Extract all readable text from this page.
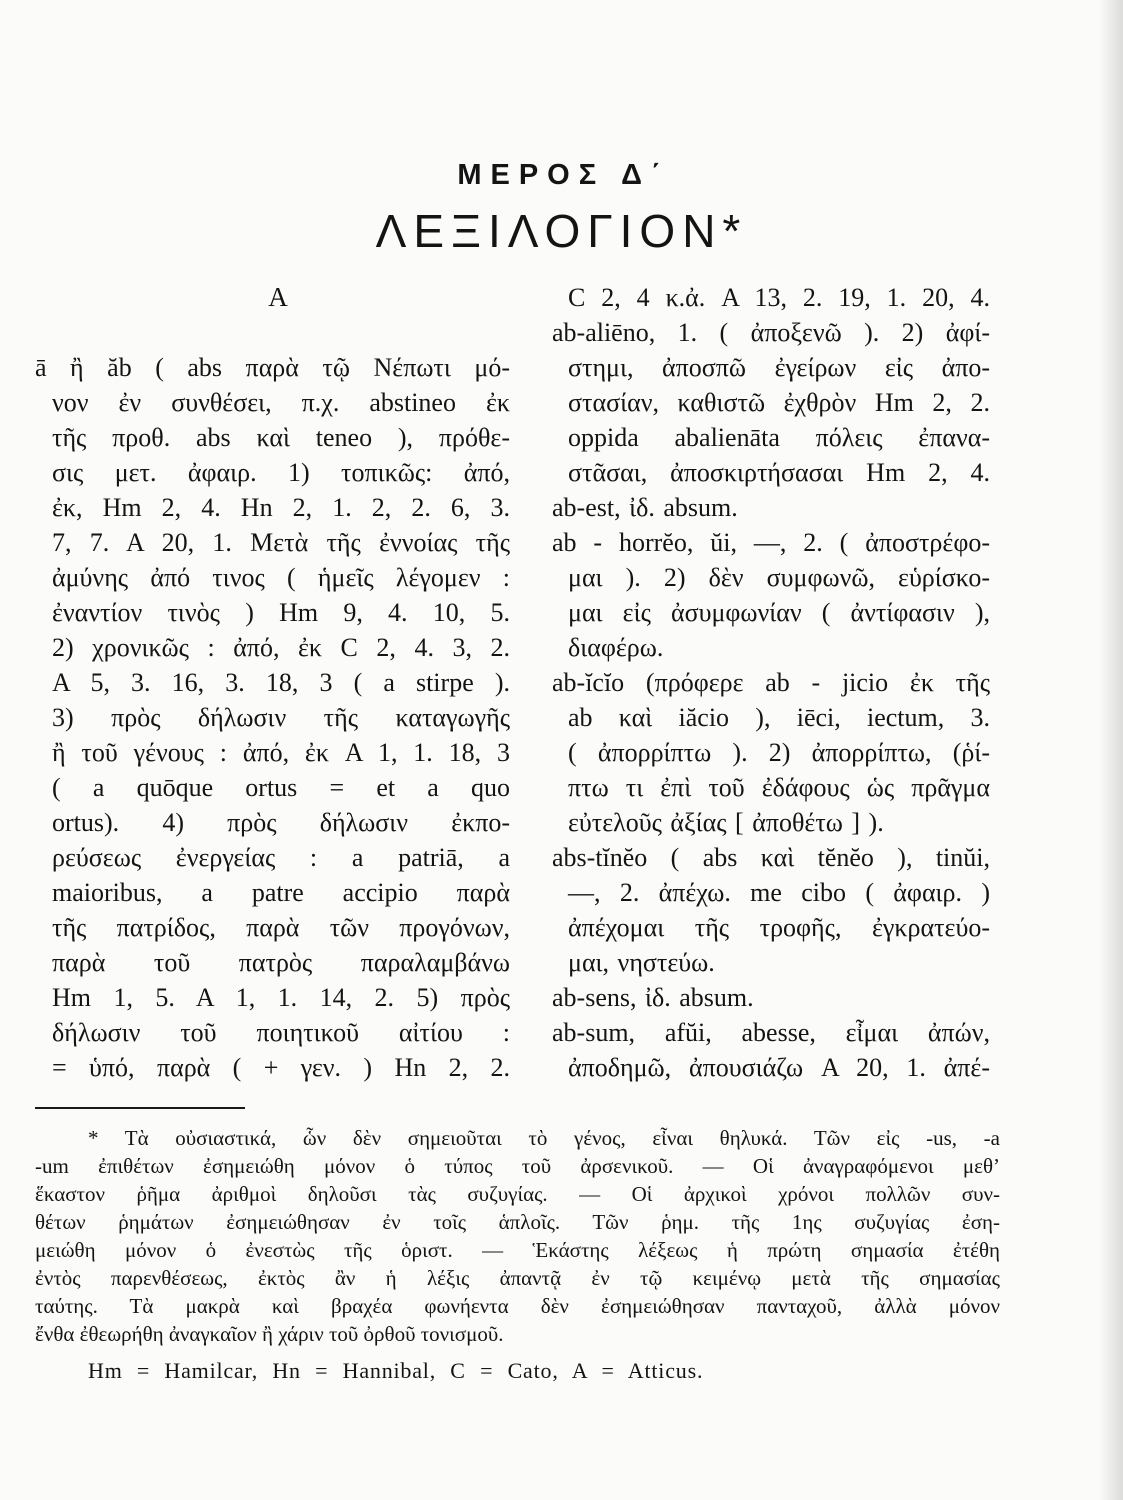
ΜΕΡΟΣ Δ΄
ΛΕΞΙΛΟΓΙΟΝ*
A
ā ἢ ăb ( abs παρὰ τῷ Νέπωτι μό-
νον ἐν συνθέσει, π.χ. abstineo ἐκ
τῆς προθ. abs καὶ teneo ), πρόθε-
σις μετ. ἀφαιρ. 1) τοπικῶς: ἀπό,
ἐκ, Hm 2, 4. Hn 2, 1. 2, 2. 6, 3.
7, 7. A 20, 1. Μετὰ τῆς ἐννοίας τῆς
ἀμύνης ἀπό τινος ( ἡμεῖς λέγομεν :
ἐναντίον τινὸς ) Hm 9, 4. 10, 5.
2) χρονικῶς : ἀπό, ἐκ C 2, 4. 3, 2.
A 5, 3. 16, 3. 18, 3 ( a stirpe ).
3) πρὸς δήλωσιν τῆς καταγωγῆς
ἢ τοῦ γένους : ἀπό, ἐκ A 1, 1. 18, 3
( a quōque ortus = et a quo
ortus). 4) πρὸς δήλωσιν ἐκπο-
ρεύσεως ἐνεργείας : a patriā, a
maioribus, a patre accipio παρὰ
τῆς πατρίδος, παρὰ τῶν προγόνων,
παρὰ τοῦ πατρὸς παραλαμβάνω
Hm 1, 5. A 1, 1. 14, 2. 5) πρὸς
δήλωσιν τοῦ ποιητικοῦ αἰτίου :
= ὑπό, παρὰ ( + γεν. ) Hn 2, 2.
C 2, 4 κ.ἀ. A 13, 2. 19, 1. 20, 4.
ab-aliēno, 1. ( ἀποξενῶ ). 2) ἀφί-
στημι, ἀποσπῶ ἐγείρων εἰς ἀπο-
στασίαν, καθιστῶ ἐχθρὸν Hm 2, 2.
oppida abalienāta πόλεις ἐπανα-
στᾶσαι, ἀποσκιρτήσασαι Hm 2, 4.
ab-est, ἰδ. absum.
ab - horrĕo, ŭi, —, 2. ( ἀποστρέφο-
μαι ). 2) δὲν συμφωνῶ, εὑρίσκο-
μαι εἰς ἀσυμφωνίαν ( ἀντίφασιν ),
διαφέρω.
ab-ĭcĭo (πρόφερε ab - jicio ἐκ τῆς
ab καὶ iăcio ), iēci, iectum, 3.
( ἀπορρίπτω ). 2) ἀπορρίπτω, (ῥί-
πτω τι ἐπὶ τοῦ ἐδάφους ὡς πρᾶγμα
εὐτελοῦς ἀξίας [ ἀποθέτω ] ).
abs-tĭnĕo ( abs καὶ tĕnĕo ), tinŭi,
—, 2. ἀπέχω. me cibo ( ἀφαιρ. )
ἀπέχομαι τῆς τροφῆς, ἐγκρατεύο-
μαι, νηστεύω.
ab-sens, ἰδ. absum.
ab-sum, afŭi, abesse, εἶμαι ἀπών,
ἀποδημῶ, ἀπουσιάζω A 20, 1. ἀπέ-
* Τὰ οὐσιαστικά, ὧν δὲν σημειοῦται τὸ γένος, εἶναι θηλυκά. Τῶν εἰς -us, -a
-um ἐπιθέτων ἐσημειώθη μόνον ὁ τύπος τοῦ ἀρσενικοῦ. — Οἱ ἀναγραφόμενοι μεθ’
ἕκαστον ῥῆμα ἀριθμοὶ δηλοῦσι τὰς συζυγίας. — Οἱ ἀρχικοὶ χρόνοι πολλῶν συν-
θέτων ῥημάτων ἐσημειώθησαν ἐν τοῖς ἁπλοῖς. Τῶν ῥημ. τῆς 1ης συζυγίας ἐση-
μειώθη μόνον ὁ ἐνεστὼς τῆς ὁριστ. — Ἑκάστης λέξεως ἡ πρώτη σημασία ἐτέθη
ἐντὸς παρενθέσεως, ἐκτὸς ἂν ἡ λέξις ἀπαντᾷ ἐν τῷ κειμένῳ μετὰ τῆς σημασίας
ταύτης. Τὰ μακρὰ καὶ βραχέα φωνήεντα δὲν ἐσημειώθησαν πανταχοῦ, ἀλλὰ μόνον
ἔνθα ἐθεωρήθη ἀναγκαῖον ἢ χάριν τοῦ ὀρθοῦ τονισμοῦ.
Hm = Hamilcar, Hn = Hannibal, C = Cato, A = Atticus.
